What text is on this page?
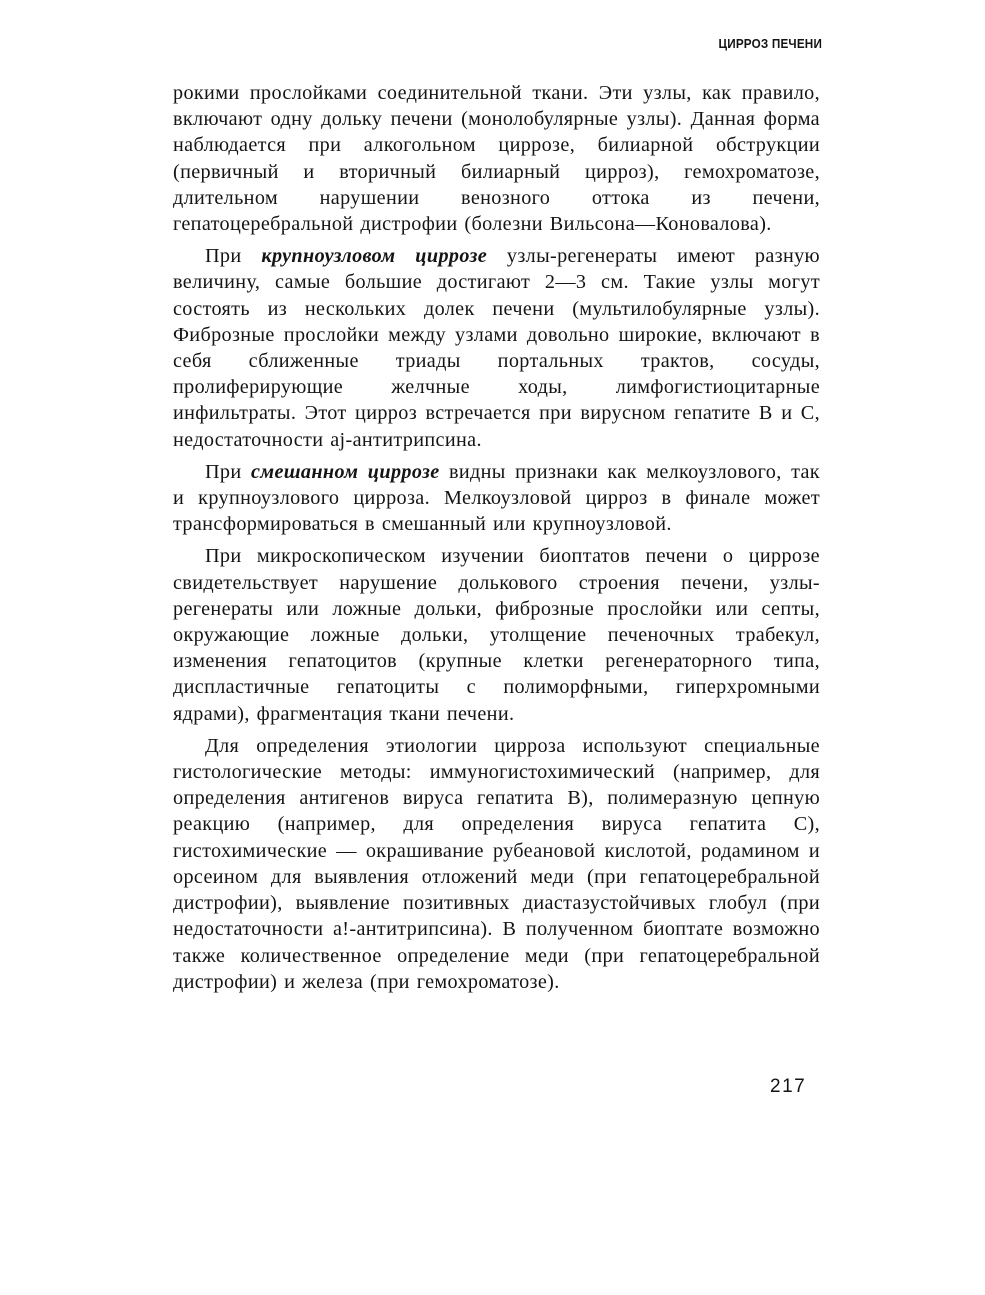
ЦИРРОЗ ПЕЧЕНИ

рокими прослойками соединительной ткани. Эти узлы, как правило, включают одну дольку печени (монолобулярные узлы). Данная форма наблюдается при алкогольном циррозе, билиарной обструкции (первичный и вторичный билиарный цирроз), гемохроматозе, длительном нарушении венозного оттока из печени, гепатоцеребральной дистрофии (болезни Вильсона—Коновалова).

При крупноузловом циррозе узлы-регенераты имеют разную величину, самые большие достигают 2—3 см. Такие узлы могут состоять из нескольких долек печени (мультилобулярные узлы). Фиброзные прослойки между узлами довольно широкие, включают в себя сближенные триады портальных трактов, сосуды, пролиферирующие желчные ходы, лимфогистиоцитарные инфильтраты. Этот цирроз встречается при вирусном гепатите B и C, недостаточности aj-антитрипсина.

При смешанном циррозе видны признаки как мелкоузлового, так и крупноузлового цирроза. Мелкоузловой цирроз в финале может трансформироваться в смешанный или крупноузловой.

При микроскопическом изучении биоптатов печени о циррозе свидетельствует нарушение долькового строения печени, узлы-регенераты или ложные дольки, фиброзные прослойки или септы, окружающие ложные дольки, утолщение печеночных трабекул, изменения гепатоцитов (крупные клетки регенераторного типа, диспластичные гепатоциты с полиморфными, гиперхромными ядрами), фрагментация ткани печени.

Для определения этиологии цирроза используют специальные гистологические методы: иммуногистохимический (например, для определения антигенов вируса гепатита B), полимеразную цепную реакцию (например, для определения вируса гепатита C), гистохимические — окрашивание рубеановой кислотой, родамином и орсеином для выявления отложений меди (при гепатоцеребральной дистрофии), выявление позитивных диастазустойчивых глобул (при недостаточности a!-антитрипсина). В полученном биоптате возможно также количественное определение меди (при гепатоцеребральной дистрофии) и железа (при гемохроматозе).

217
